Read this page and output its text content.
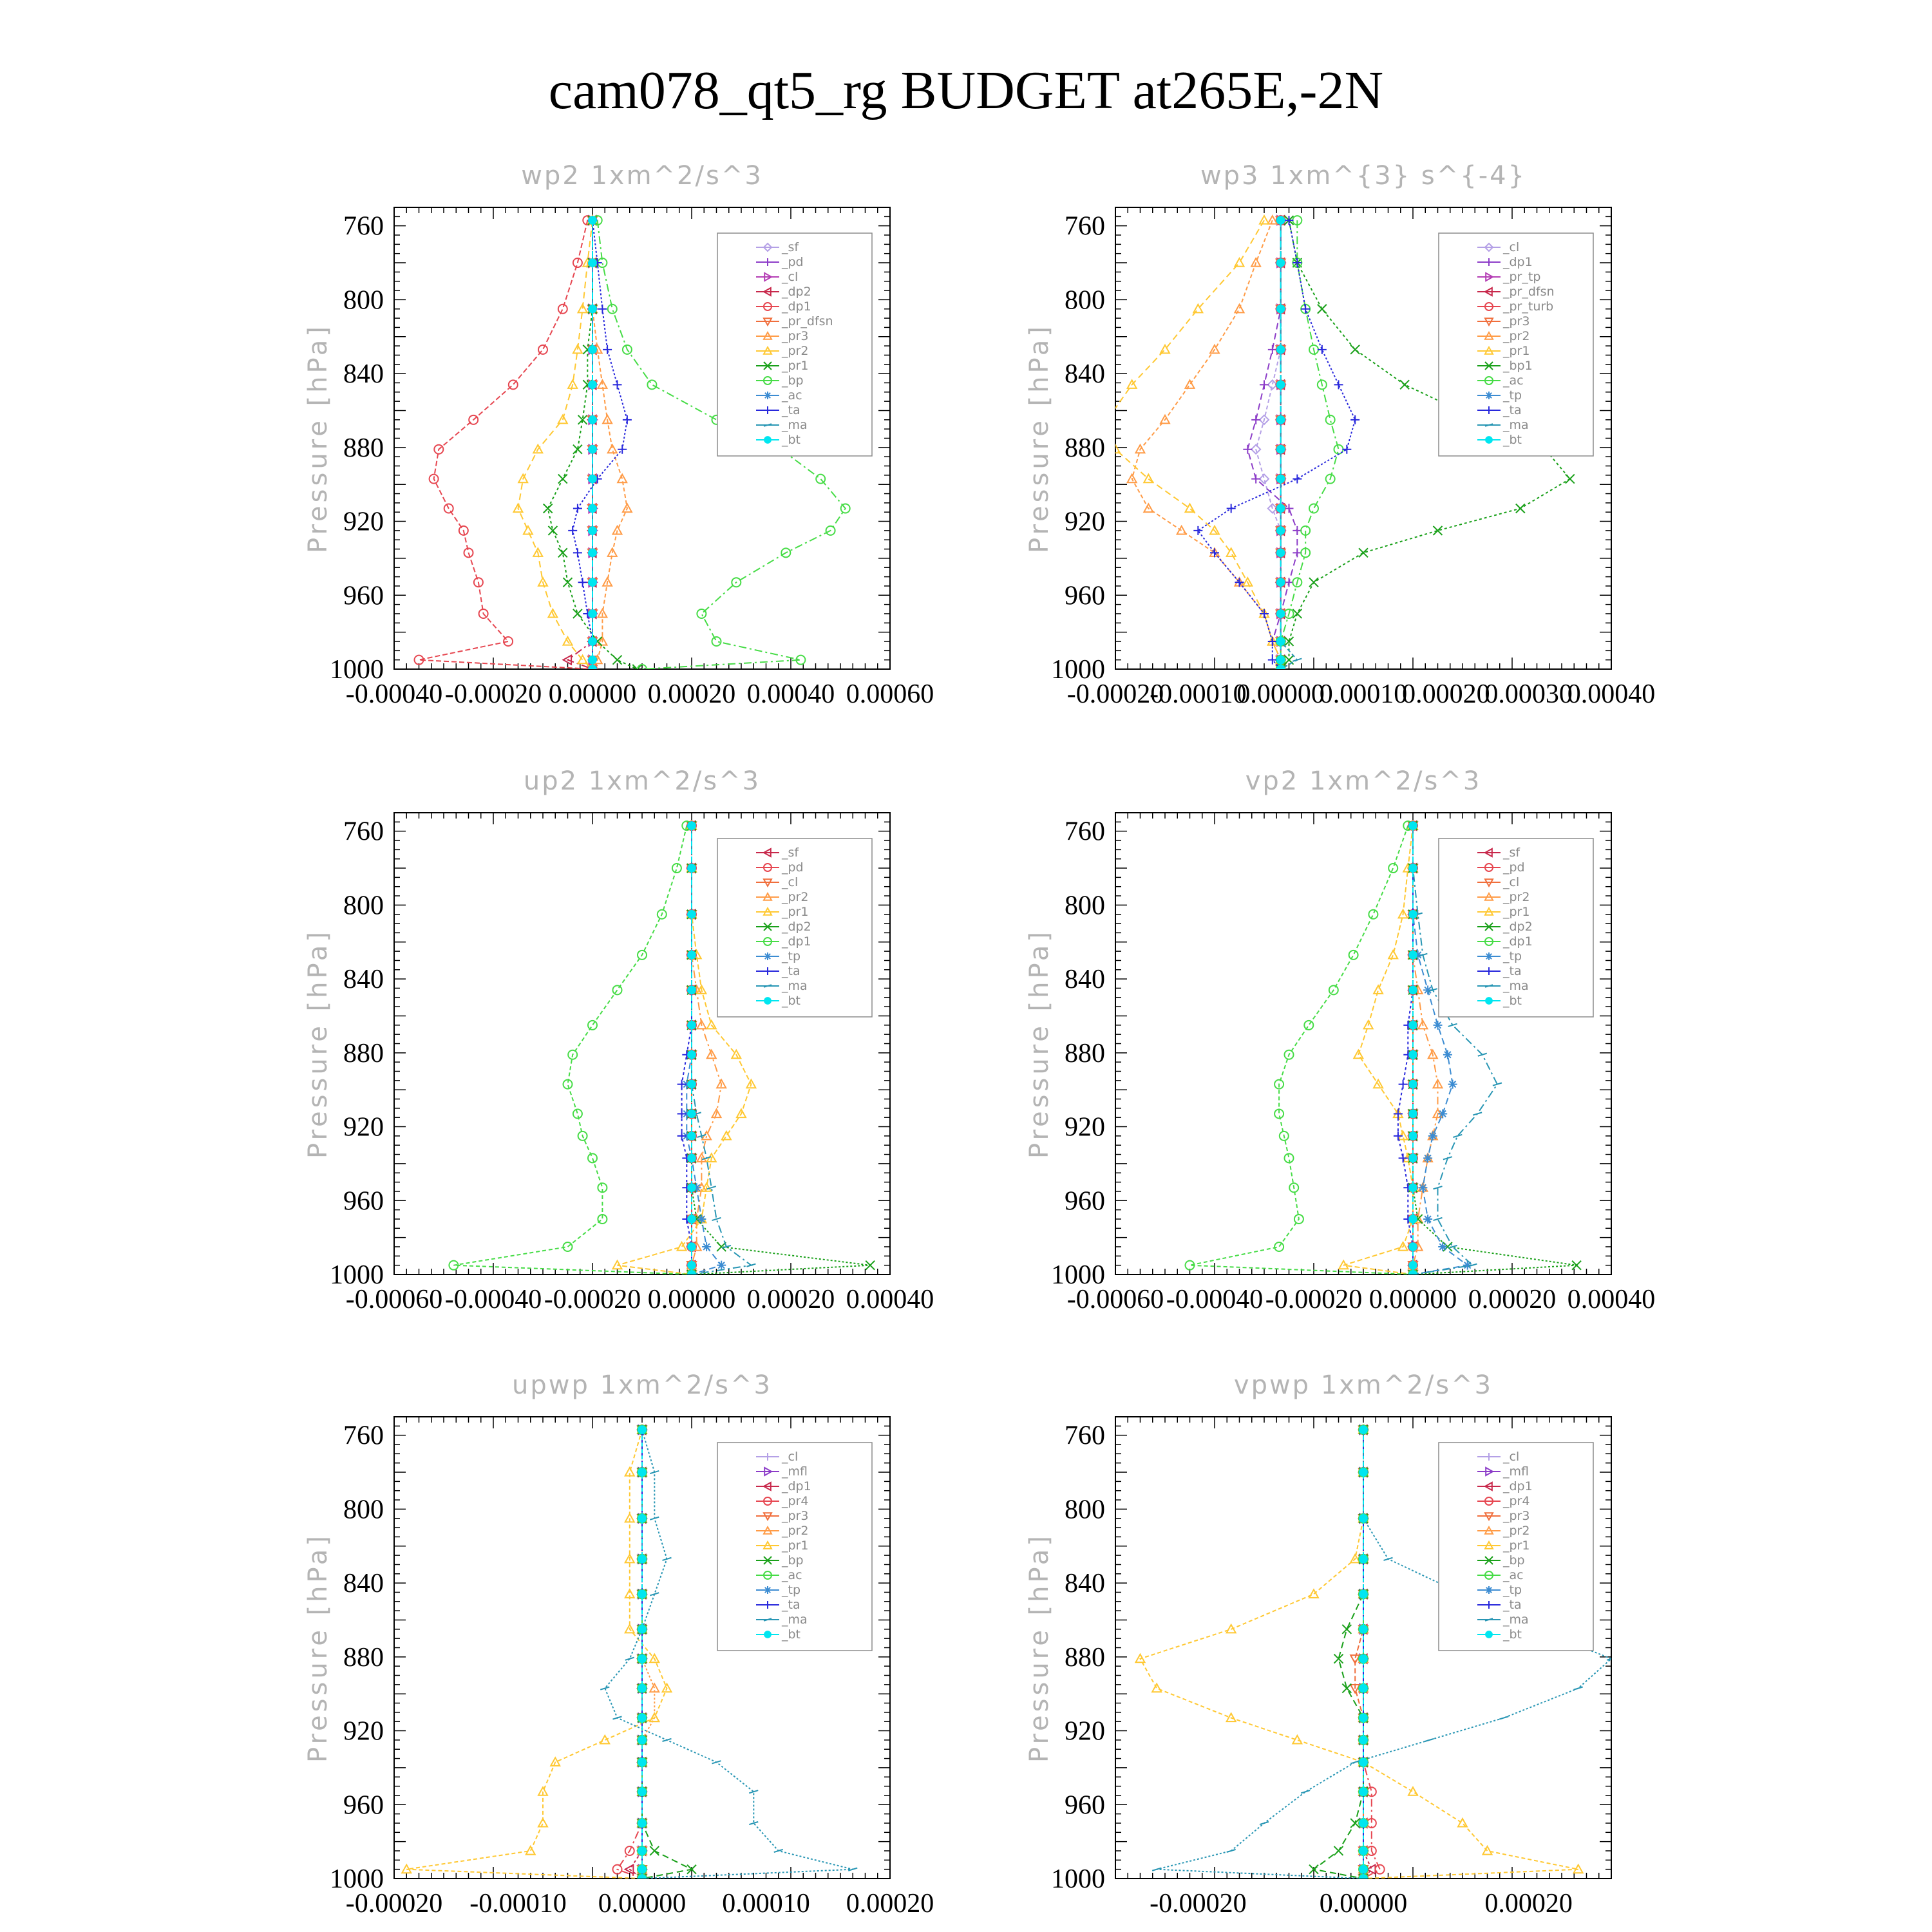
cam078_qt5_rg BUDGET at265E,-2N
wp2 1xm^2/s^3
Pressure [hPa]
760
800
840
880
920
960
1000
-0.00040 -0.00020 0.00000 0.00020 0.00040 0.00060
_sf
_pd
_cl
_dp2
_dp1
_pr_dfsn
_pr3
_pr2
_pr1
_bp
_ac
_ta
_ma
_bt
wp3 1xm^{3} s^{-4}
Pressure [hPa]
760
800
840
880
920
960
1000
-0.00020
-0.00010
0.00000
0.00010
0.00020
0.00030
0.00040
_cl
_dp1
_pr_tp
_pr_dfsn
_pr_turb
_pr3
_pr2
_pr1
_bp1
_ac
_tp
_ta
_ma
_bt
up2 1xm^2/s^3
Pressure [hPa]
760
800
840
880
920
960
1000
-0.00060 -0.00040 -0.00020 0.00000 0.00020 0.00040
_sf
_pd
_cl
_pr2
_pr1
_dp2
_dp1
_tp
_ta
_ma
_bt
vp2 1xm^2/s^3
Pressure [hPa]
760
800
840
880
920
960
1000
-0.00060 -0.00040 -0.00020 0.00000 0.00020 0.00040
_sf
_pd
_cl
_pr2
_pr1
_dp2
_dp1
_tp
_ta
_ma
_bt
upwp 1xm^2/s^3
Pressure [hPa]
760
800
840
880
920
960
1000
-0.00020 -0.00010 0.00000 0.00010 0.00020
_cl
_mfl
_dp1
_pr4
_pr3
_pr2
_pr1
_bp
_ac
_tp
_ta
_ma
_bt
vpwp 1xm^2/s^3
Pressure [hPa]
760
800
840
880
920
960
1000
-0.00020	0.00000	0.00020
_cl
_mfl
_dp1
_pr4
_pr3
_pr2
_pr1
_bp
_ac
_tp
_ta
_ma
_bt
